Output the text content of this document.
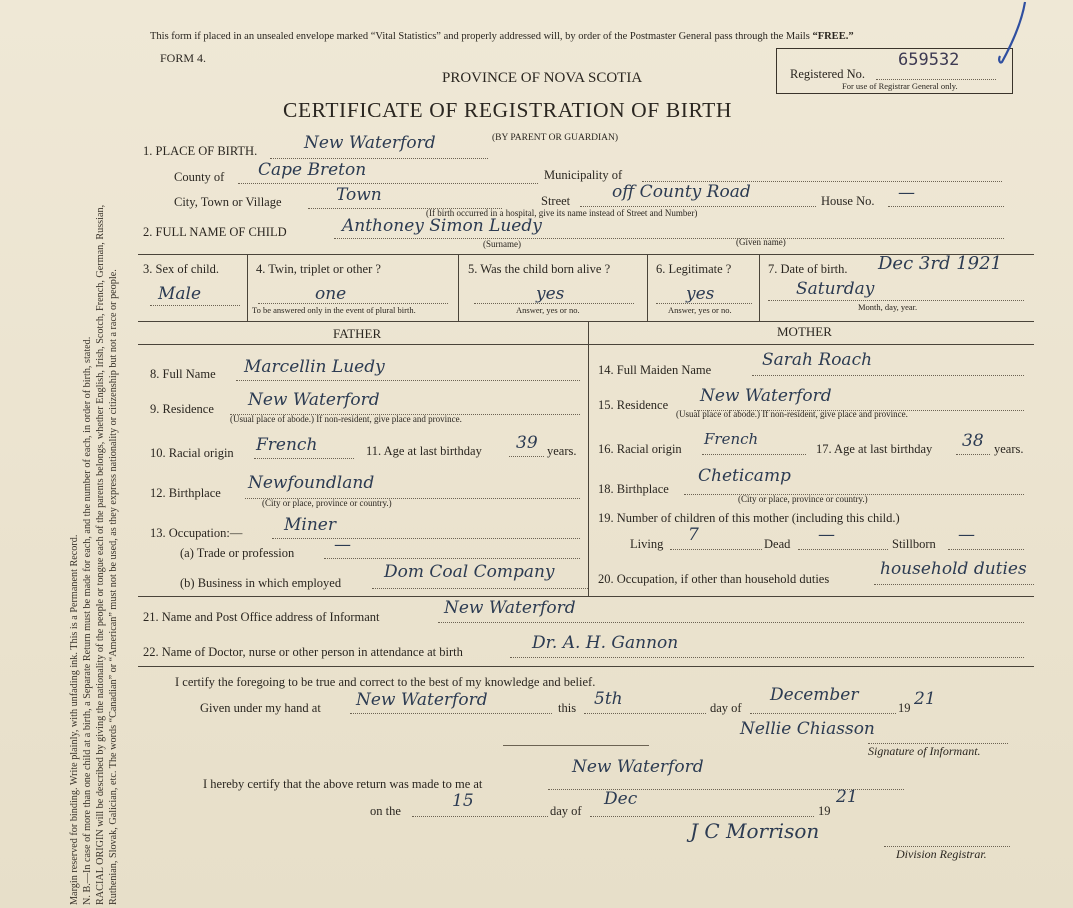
Margin reserved for binding. Write plainly, with unfading ink. This is a Permanent Record. N. B.—In case of more than one child at a birth, a Separate Return must be made for each, and the number of each, in order of birth, stated. RACIAL ORIGIN will be described by giving the nationality of the people or tongue each of the parents belongs, whether English, Irish, Scotch, French, German, Russian, Ruthenian, Slovak, Galician, etc. The words “Canadian” or “American” must not be used, as they express nationality or citizenship but not a race or people.
This form if placed in an unsealed envelope marked “Vital Statistics” and properly addressed will, by order of the Postmaster General pass through the Mails “FREE.”
FORM 4.
PROVINCE OF NOVA SCOTIA
CERTIFICATE OF REGISTRATION OF BIRTH
(BY PARENT OR GUARDIAN)
Registered No.
659532
For use of Registrar General only.
1. PLACE OF BIRTH.	New Waterford
County of Cape Breton	Municipality of
City, Town or Village	Town	Street off County Road	House No. —
(If birth occurred in a hospital, give its name instead of Street and Number)
2. FULL NAME OF CHILD	Anthoney Simon Luedy
(Surname)	(Given name)
3. Sex of child.
Male
4. Twin, triplet or other ?
one
To be answered only in the event of plural birth.
5. Was the child born alive ?
yes
Answer, yes or no.
6. Legitimate ?
yes
Answer, yes or no.
7. Date of birth. Dec 3rd 1921
Saturday
Month, day, year.
FATHER	MOTHER
8. Full Name Marcellin Luedy
9. Residence New Waterford
(Usual place of abode.) If non-resident, give place and province.
10. Racial origin French	11. Age at last birthday 39 years.
12. Birthplace Newfoundland
(City or place, province or country.)
13. Occupation:— Miner
(a) Trade or profession —
(b) Business in which employed
Dom Coal Company
14. Full Maiden Name	Sarah Roach
15. Residence New Waterford
(Usual place of abode.) If non-resident, give place and province.
16. Racial origin
French
17. Age at last birthday 38 years.
18. Birthplace
Cheticamp
(City or place, province or country.)
19. Number of children of this mother (including this child.)
Living 7	Dead —	Stillborn —
20. Occupation, if other than household duties	household duties
21. Name and Post Office address of Informant	New Waterford
22. Name of Doctor, nurse or other person in attendance at birth	Dr. A. H. Gannon
I certify the foregoing to be true and correct to the best of my knowledge and belief.
Given under my hand at New Waterford	this 5th	day of
December
19 21
Nellie Chiasson
Signature of Informant.
I hereby certify that the above return was made to me at
New Waterford
on the	15	day of
Dec
19
21
J C Morrison
Division Registrar.
